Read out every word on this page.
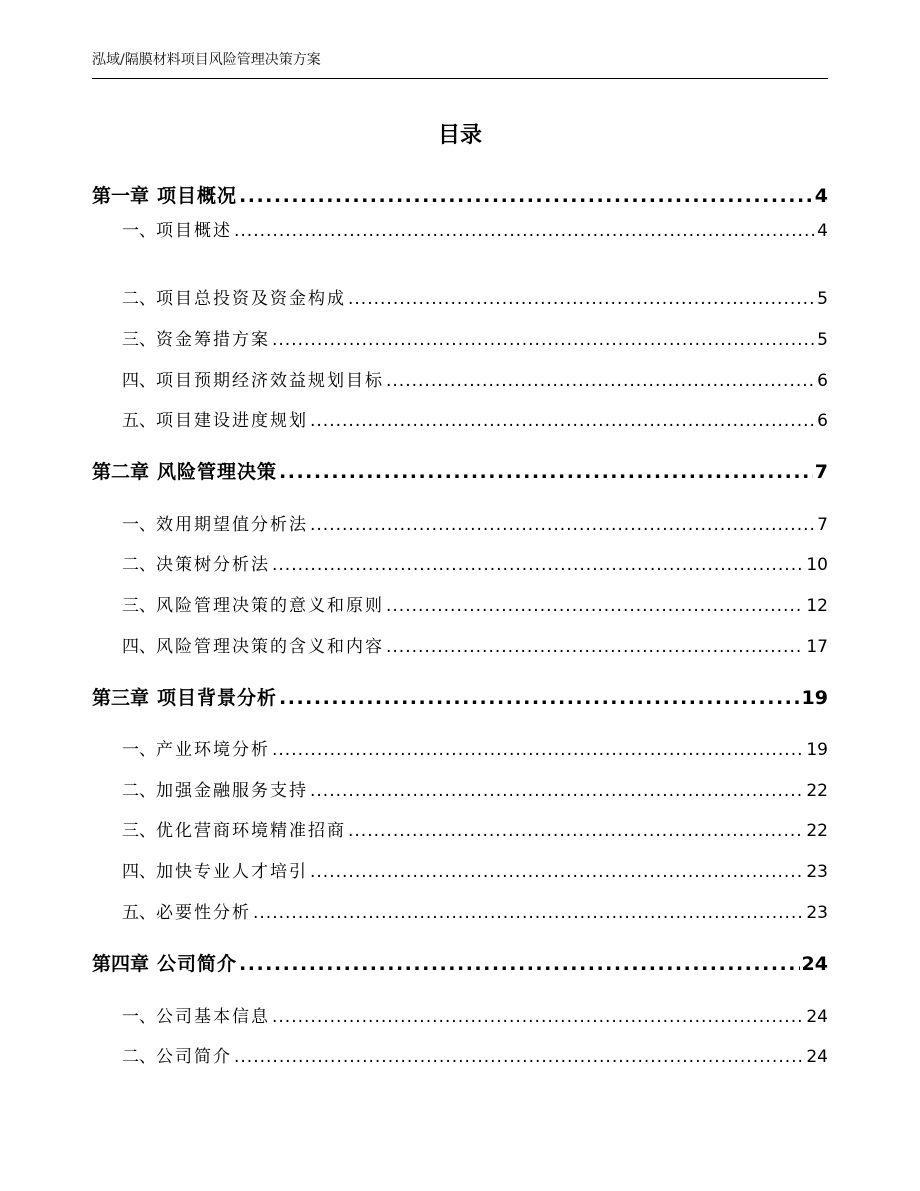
泓域/隔膜材料项目风险管理决策方案
目录
第一章 项目概况 .....	4
一、 项目概述 .....	4
二、 项目总投资及资金构成 .....	5
三、 资金筹措方案 .....	5
四、 项目预期经济效益规划目标 .....	6
五、 项目建设进度规划 .....	6
第二章 风险管理决策 .....	7
一、 效用期望值分析法 .....	7
二、 决策树分析法 .....	10
三、 风险管理决策的意义和原则 .....	12
四、 风险管理决策的含义和内容 .....	17
第三章 项目背景分析 .....	19
一、 产业环境分析 .....	19
二、 加强金融服务支持 .....	22
三、 优化营商环境精准招商 .....	22
四、 加快专业人才培引 .....	23
五、 必要性分析 .....	23
第四章 公司简介 .....	24
一、 公司基本信息 .....	24
二、 公司简介 .....	24
